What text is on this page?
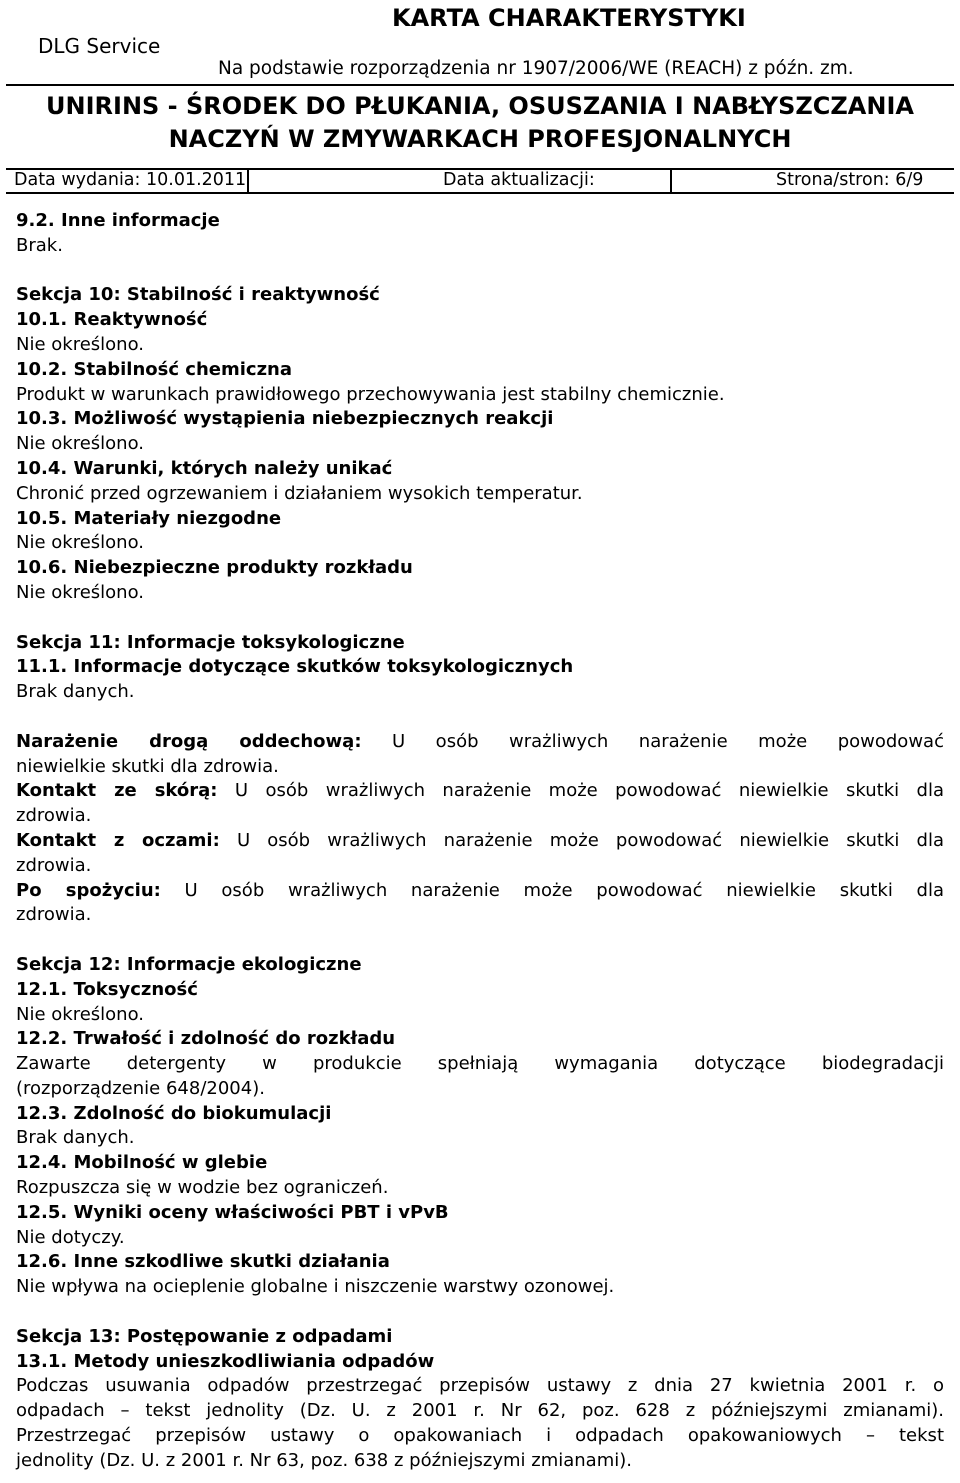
DLG Service
KARTA CHARAKTERYSTYKI
Na podstawie rozporządzenia nr 1907/2006/WE (REACH) z późn. zm.
UNIRINS - ŚRODEK DO PŁUKANIA, OSUSZANIA I NABŁYSZCZANIA
NACZYŃ W ZMYWARKACH PROFESJONALNYCH
Data wydania: 10.01.2011	Data aktualizacji:	Strona/stron: 6/9
9.2. Inne informacje
Brak.
Sekcja 10: Stabilność i reaktywność
10.1. Reaktywność
Nie określono.
10.2. Stabilność chemiczna
Produkt w warunkach prawidłowego przechowywania jest stabilny chemicznie.
10.3. Możliwość wystąpienia niebezpiecznych reakcji
Nie określono.
10.4. Warunki, których należy unikać
Chronić przed ogrzewaniem i działaniem wysokich temperatur.
10.5. Materiały niezgodne
Nie określono.
10.6. Niebezpieczne produkty rozkładu
Nie określono.
Sekcja 11: Informacje toksykologiczne
11.1. Informacje dotyczące skutków toksykologicznych
Brak danych.
Narażenie drogą oddechową: U osób wrażliwych narażenie może powodować
niewielkie skutki dla zdrowia.
Kontakt ze skórą: U osób wrażliwych narażenie może powodować niewielkie skutki dla
zdrowia.
Kontakt z oczami: U osób wrażliwych narażenie może powodować niewielkie skutki dla
zdrowia.
Po spożyciu: U osób wrażliwych narażenie może powodować niewielkie skutki dla
zdrowia.
Sekcja 12: Informacje ekologiczne
12.1. Toksyczność
Nie określono.
12.2. Trwałość i zdolność do rozkładu
Zawarte detergenty w produkcie spełniają wymagania dotyczące biodegradacji
(rozporządzenie 648/2004).
12.3. Zdolność do biokumulacji
Brak danych.
12.4. Mobilność w glebie
Rozpuszcza się w wodzie bez ograniczeń.
12.5. Wyniki oceny właściwości PBT i vPvB
Nie dotyczy.
12.6. Inne szkodliwe skutki działania
Nie wpływa na ocieplenie globalne i niszczenie warstwy ozonowej.
Sekcja 13: Postępowanie z odpadami
13.1. Metody unieszkodliwiania odpadów
Podczas usuwania odpadów przestrzegać przepisów ustawy z dnia 27 kwietnia 2001 r. o
odpadach – tekst jednolity (Dz. U. z 2001 r. Nr 62, poz. 628 z późniejszymi zmianami).
Przestrzegać przepisów ustawy o opakowaniach i odpadach opakowaniowych – tekst
jednolity (Dz. U. z 2001 r. Nr 63, poz. 638 z późniejszymi zmianami).
